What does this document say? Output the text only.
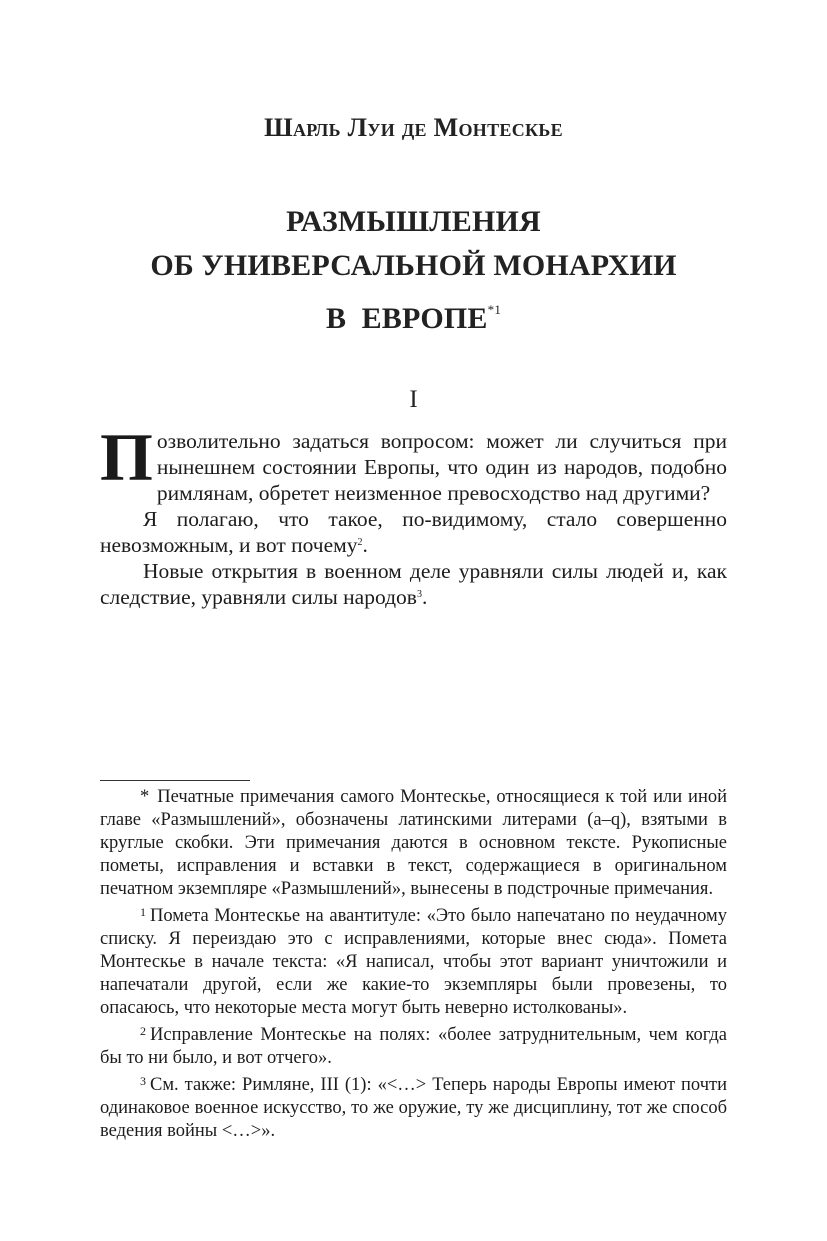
Шарль Луи де Монтескье
РАЗМЫШЛЕНИЯ
ОБ УНИВЕРСАЛЬНОЙ МОНАРХИИ
В  ЕВРОПЕ$^{*1}$
I

Позволительно задаться вопросом: может ли случиться при нынешнем состоянии Европы, что один из народов, подобно римлянам, обретет неизменное превосходство над другими?

Я полагаю, что такое, по-видимому, стало совершенно невозможным, и вот почему$^2$.

Новые открытия в военном деле уравняли силы людей и, как следствие, уравняли силы народов$^3$.

* Печатные примечания самого Монтескье, относящиеся к той или иной главе «Размышлений», обозначены латинскими литерами (a–q), взятыми в круглые скобки. Эти примечания даются в основном тексте. Рукописные пометы, исправления и вставки в текст, содержащиеся в оригинальном печатном экземпляре «Размышлений», вынесены в подстрочные примечания.

$^1$ Помета Монтескье на авантитуле: «Это было напечатано по неудачному списку. Я переиздаю это с исправлениями, которые внес сюда». Помета Монтескье в начале текста: «Я написал, чтобы этот вариант уничтожили и напечатали другой, если же какие-то экземпляры были провезены, то опасаюсь, что некоторые места могут быть неверно истолкованы».

$^2$ Исправление Монтескье на полях: «более затруднительным, чем когда бы то ни было, и вот отчего».

$^3$ См. также: Римляне, III (1): «<…> Теперь народы Европы имеют почти одинаковое военное искусство, то же оружие, ту же дисциплину, тот же способ ведения войны <…>».
